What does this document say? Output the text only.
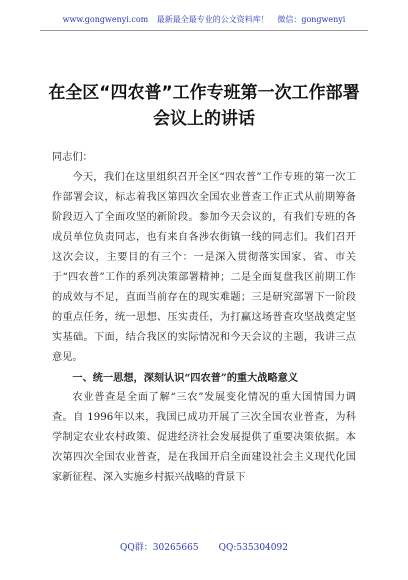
www.gongwenyi.com 最新最全最专业的公文资料库！ 微信：gongwenyi
在全区“四农普”工作专班第一次工作部署会议上的讲话

同志们：

今天，我们在这里组织召开全区“四农普”工作专班的第一次工作部署会议，标志着我区第四次全国农业普查工作正式从前期筹备阶段迈入了全面攻坚的新阶段。参加今天会议的，有我们专班的各成员单位负责同志，也有来自各涉农街镇一线的同志们。我们召开这次会议，主要目的有三个：一是深入贯彻落实国家、省、市关于“四农普”工作的系列决策部署精神；二是全面复盘我区前期工作的成效与不足，直面当前存在的现实难题；三是研究部署下一阶段的重点任务，统一思想、压实责任，为打赢这场普查攻坚战奠定坚实基础。下面，结合我区的实际情况和今天会议的主题，我讲三点意见。

一、统一思想，深刻认识“四农普”的重大战略意义

农业普查是全面了解“三农”发展变化情况的重大国情国力调查。自 1996年以来，我国已成功开展了三次全国农业普查，为科学制定农业农村政策、促进经济社会发展提供了重要决策依据。本次第四次全国农业普查，是在我国开启全面建设社会主义现代化国家新征程、深入实施乡村振兴战略的背景下

QQ群：30265665 QQ:535304092
